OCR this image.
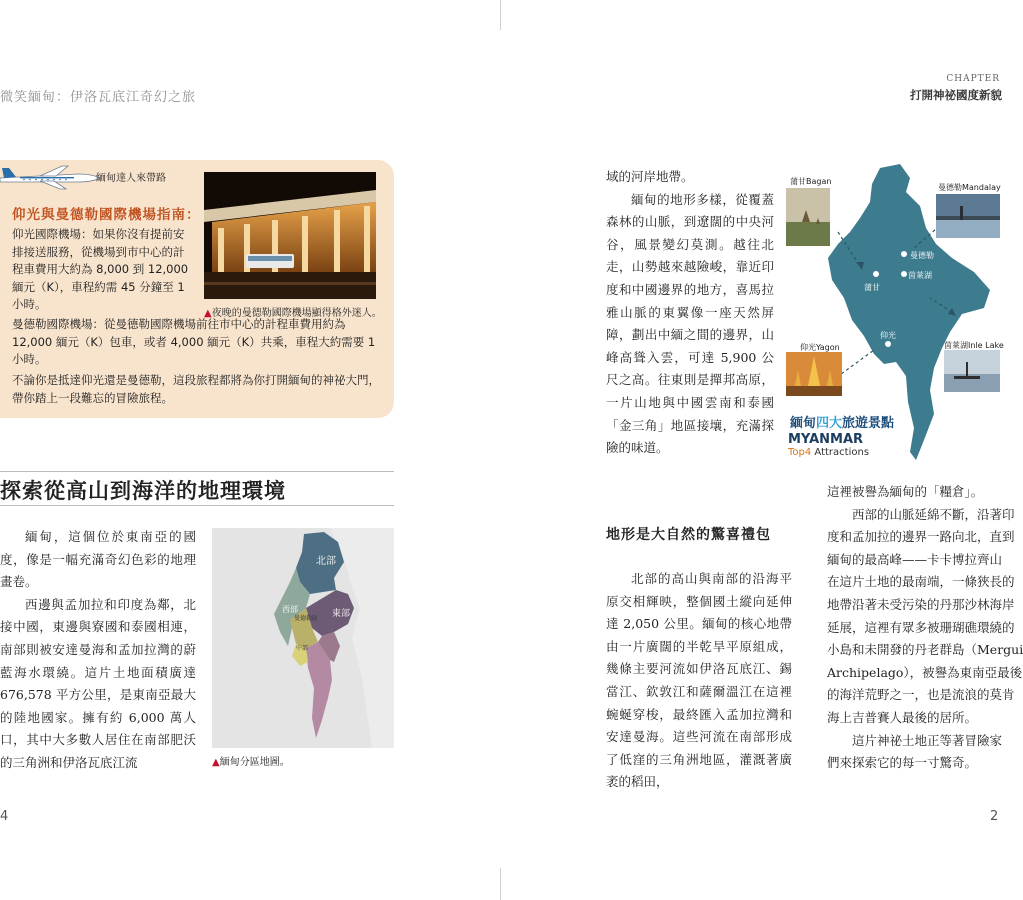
微笑緬甸：伊洛瓦底江奇幻之旅
CHAPTER
打開神祕國度新貌
緬甸達人來帶路
仰光與曼德勒國際機場指南：
仰光國際機場：如果你沒有提前安排接送服務，從機場到市中心的計程車費用大約為 8,000 到 12,000 緬元（K），車程約需 45 分鐘至 1 小時。
曼德勒國際機場：從曼德勒國際機場前往市中心的計程車費用約為 12,000 緬元（K）包車，或者 4,000 緬元（K）共乘，車程大約需要 1 小時。
不論你是抵達仰光還是曼德勒，這段旅程都將為你打開緬甸的神祕大門，帶你踏上一段難忘的冒險旅程。
▲夜晚的曼德勒國際機場顯得格外迷人。
探索從高山到海洋的地理環境

緬甸，這個位於東南亞的國度，像是一幅充滿奇幻色彩的地理畫卷。

西邊與孟加拉和印度為鄰，北接中國，東邊與寮國和泰國相連，南部則被安達曼海和孟加拉灣的蔚藍海水環繞。這片土地面積廣達 676,578 平方公里，是東南亞最大的陸地國家。擁有約 6,000 萬人口，其中大多數人居住在南部肥沃的三角洲和伊洛瓦底江流

北部
西部	東部
曼德勒區
中部
▲緬甸分區地圖。

域的河岸地帶。

緬甸的地形多樣，從覆蓋森林的山脈，到遼闊的中央河谷，風景變幻莫測。越往北走，山勢越來越險峻，靠近印度和中國邊界的地方，喜馬拉雅山脈的東翼像一座天然屏障，劃出中緬之間的邊界，山峰高聳入雲，可達 5,900 公尺之高。往東則是撣邦高原，一片山地與中國雲南和泰國「金三角」地區接壤，充滿探險的味道。

地形是大自然的驚喜禮包

北部的高山與南部的沿海平原交相輝映，整個國土縱向延伸達 2,050 公里。緬甸的核心地帶由一片廣闊的半乾旱平原組成，幾條主要河流如伊洛瓦底江、錫當江、欽敦江和薩爾溫江在這裡蜿蜒穿梭，最終匯入孟加拉灣和安達曼海。這些河流在南部形成了低窪的三角洲地區，灌溉著廣袤的稻田，

這裡被譽為緬甸的「糧倉」。
　　西部的山脈延綿不斷，沿著印
度和孟加拉的邊界一路向北，直到
緬甸的最高峰——卡卡博拉齊山
在這片土地的最南端，一條狹長的
地帶沿著未受污染的丹那沙林海岸
延展，這裡有眾多被珊瑚礁環繞的
小島和未開發的丹老群島（Mergui
Archipelago），被譽為東南亞最後
的海洋荒野之一，也是流浪的莫肯
海上吉普賽人最後的居所。
　　這片神祕土地正等著冒險家
們來探索它的每一寸驚奇。
曼德勒
蒲甘
茵萊湖
仰光
蒲甘Bagan
曼德勒Mandalay
仰光Yagon	茵萊湖Inle Lake
緬甸四大旅遊景點
MYANMAR
Top4 Attractions
4	2
